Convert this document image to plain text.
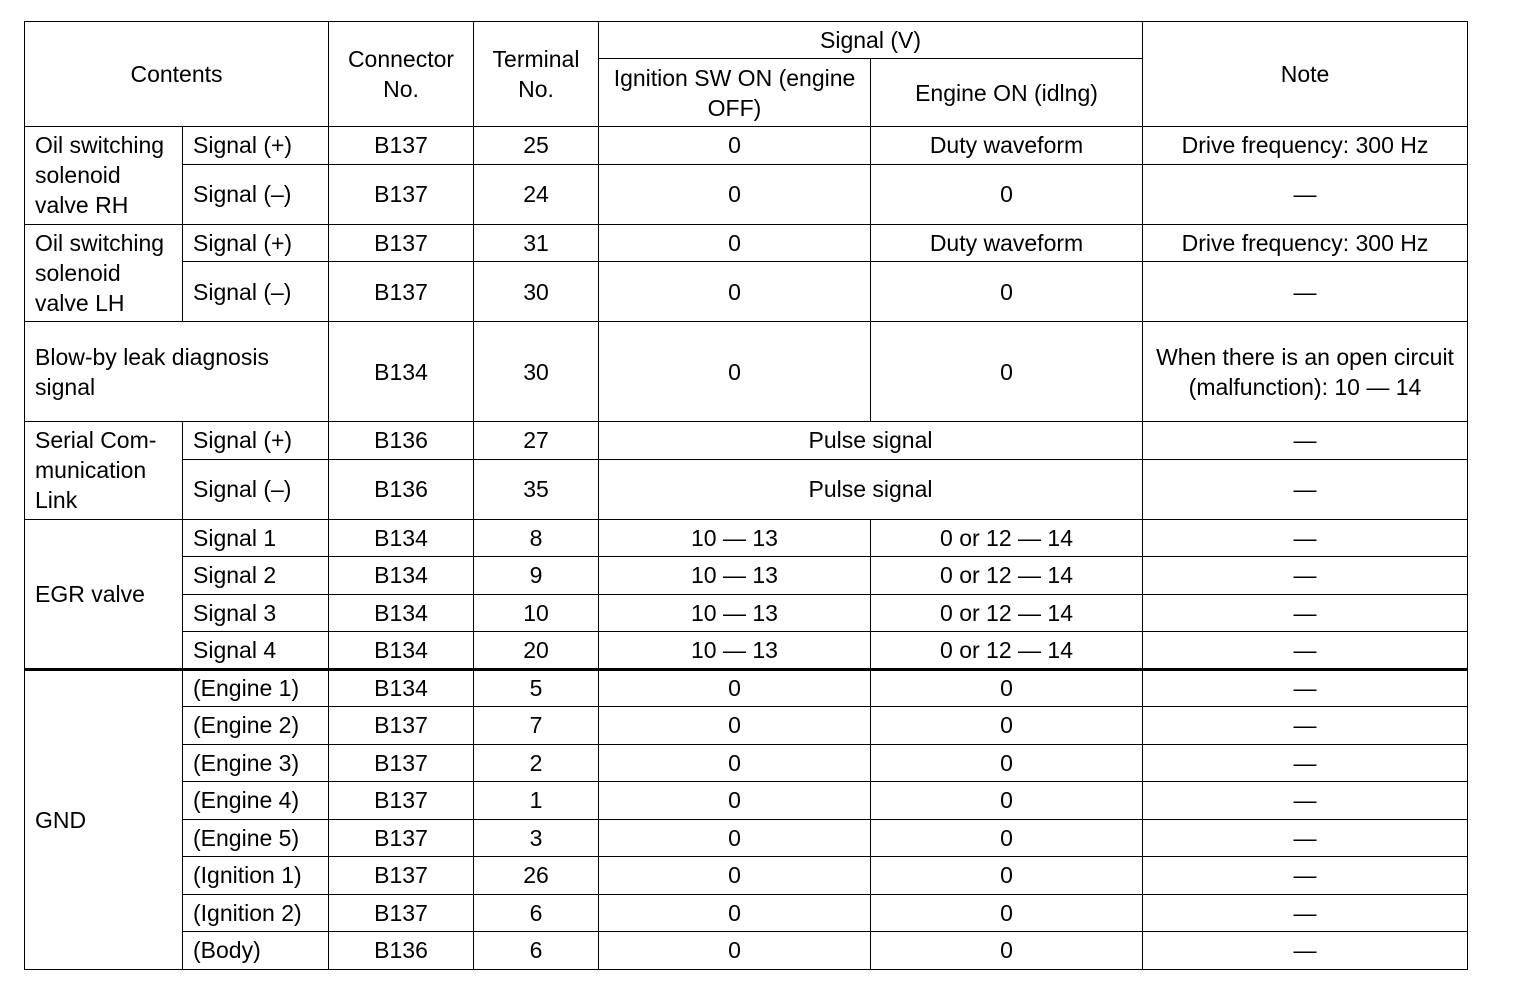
Contents		Connector No.	Terminal No.	Signal (V)		Note
				Ignition SW ON (engine OFF)	Engine ON (idlng)	
Oil switching solenoid valve RH	Signal (+)	B137	25	0	Duty waveform	Drive frequency: 300 Hz
	Signal (–)	B137	24	0	0	—
Oil switching solenoid valve LH	Signal (+)	B137	31	0	Duty waveform	Drive frequency: 300 Hz
	Signal (–)	B137	30	0	0	—
Blow-by leak diagnosis signal		B134	30	0	0	When there is an open circuit (malfunction): 10 — 14
Serial Com-munication Link	Signal (+)	B136	27	Pulse signal		—
	Signal (–)	B136	35	Pulse signal		—
EGR valve	Signal 1	B134	8	10 — 13	0 or 12 — 14	—
	Signal 2	B134	9	10 — 13	0 or 12 — 14	—
	Signal 3	B134	10	10 — 13	0 or 12 — 14	—
	Signal 4	B134	20	10 — 13	0 or 12 — 14	—
GND	(Engine 1)	B134	5	0	0	—
	(Engine 2)	B137	7	0	0	—
	(Engine 3)	B137	2	0	0	—
	(Engine 4)	B137	1	0	0	—
	(Engine 5)	B137	3	0	0	—
	(Ignition 1)	B137	26	0	0	—
	(Ignition 2)	B137	6	0	0	—
	(Body)	B136	6	0	0	—
